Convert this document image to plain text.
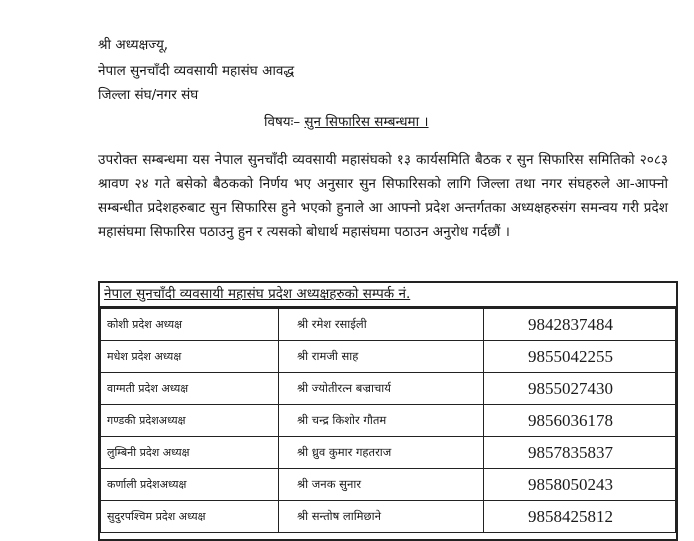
श्री अध्यक्षज्यू,
नेपाल सुनचाँदी व्यवसायी महासंघ आवद्ध
जिल्ला संघ/नगर संघ
विषयः– सुन सिफारिस सम्बन्धमा ।

उपरोक्त सम्बन्धमा यस नेपाल सुनचाँदी व्यवसायी महासंघको १३ कार्यसमिति बैठक र सुन सिफारिस समितिको २०८३ श्रावण २४ गते बसेको बैठकको निर्णय भए अनुसार सुन सिफारिसको लागि जिल्ला तथा नगर संघहरुले आ-आफ्नो सम्बन्धीत प्रदेशहरुबाट सुन सिफारिस हुने भएको हुनाले आ आफ्नो प्रदेश अन्तर्गतका अध्यक्षहरुसंग समन्वय गरी प्रदेश महासंघमा सिफारिस पठाउनु हुन र त्यसको बोधार्थ महासंघमा पठाउन अनुरोध गर्दछौं ।

नेपाल सुनचाँदी व्यवसायी महासंघ प्रदेश अध्यक्षहरुको सम्पर्क नं.
कोशी प्रदेश अध्यक्ष	श्री रमेश रसाईली	9842837484
मधेश प्रदेश अध्यक्ष	श्री रामजी साह	9855042255
वाग्मती प्रदेश अध्यक्ष	श्री ज्योतीरत्न बज्राचार्य	9855027430
गण्डकी प्रदेशअध्यक्ष	श्री चन्द्र किशोर गौतम	9856036178
लुम्बिनी प्रदेश अध्यक्ष	श्री ध्रुव कुमार गहतराज	9857835837
कर्णाली प्रदेशअध्यक्ष	श्री जनक सुनार	9858050243
सुदुरपश्चिम प्रदेश अध्यक्ष	श्री सन्तोष लामिछाने	9858425812
